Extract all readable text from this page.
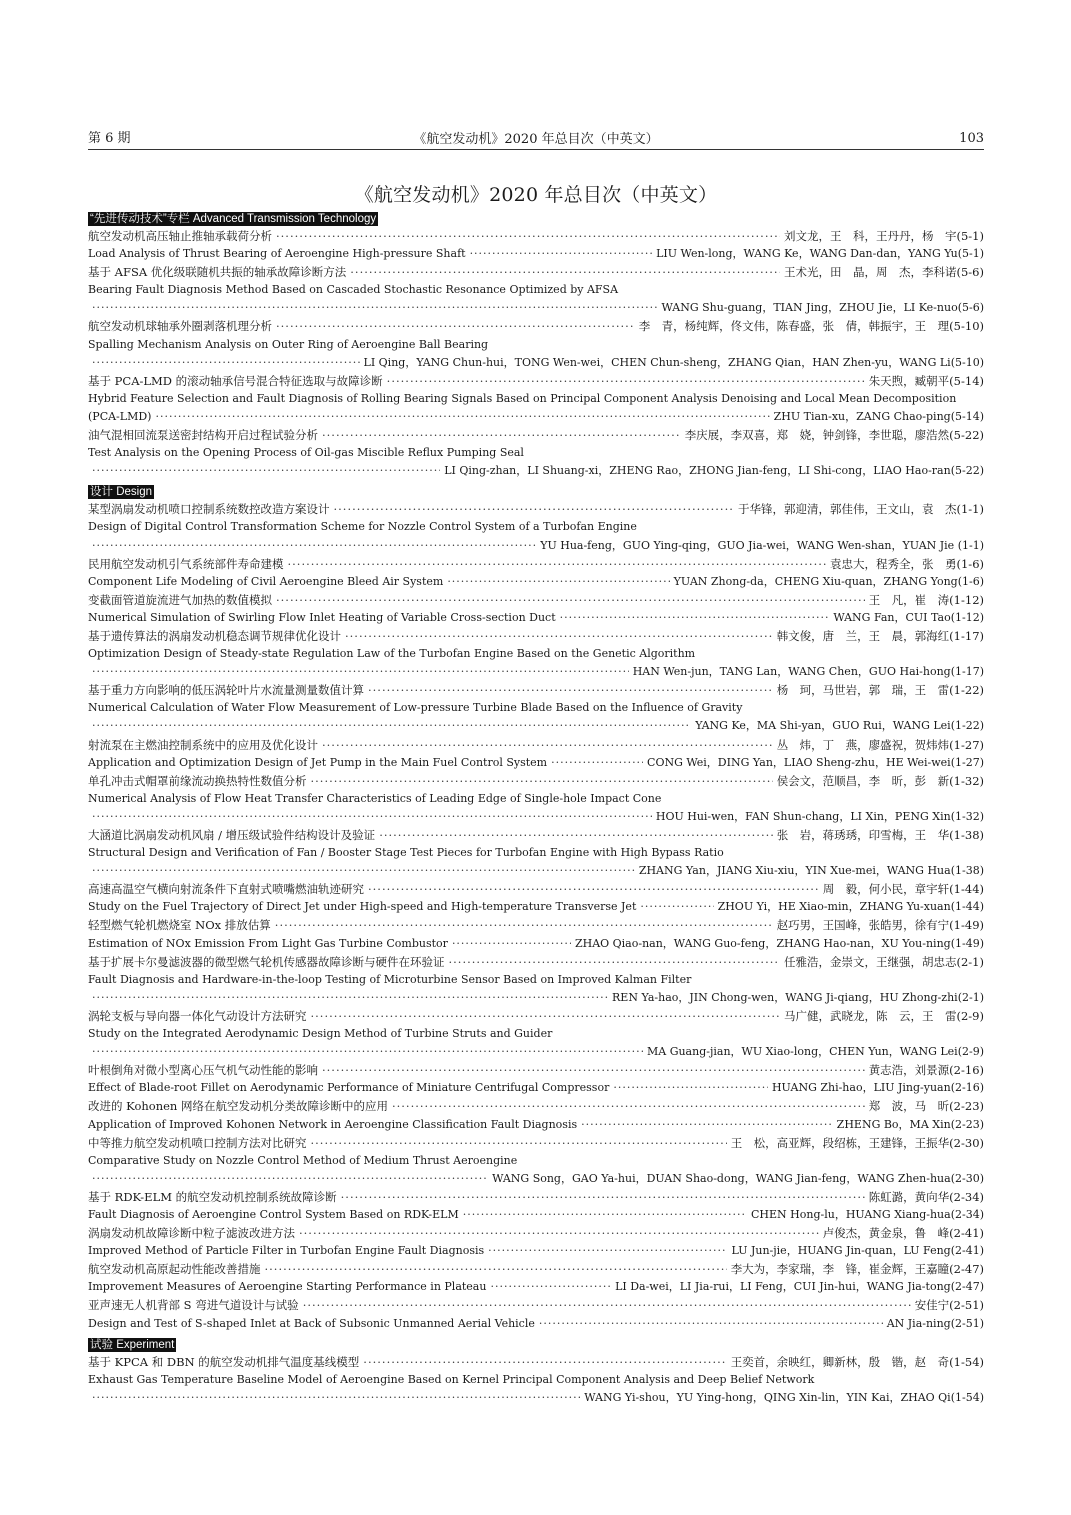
第 6 期	《航空发动机》2020 年总目次（中英文）	103
《航空发动机》2020 年总目次（中英文）
“先进传动技术”专栏 Advanced Transmission Technology
航空发动机高压轴止推轴承载荷分析 ·····	刘文龙，王　科，王丹丹，杨　宇(5-1)
Load Analysis of Thrust Bearing of Aeroengine High-pressure Shaft ·····	LIU Wen-long，WANG Ke，WANG Dan-dan，YANG Yu(5-1)
基于 AFSA 优化级联随机共振的轴承故障诊断方法 ·····	王术光，田　晶，周　杰，李科诺(5-6)
Bearing Fault Diagnosis Method Based on Cascaded Stochastic Resonance Optimized by AFSA
·····
WANG Shu-guang，TIAN Jing，ZHOU Jie，LI Ke-nuo(5-6)
航空发动机球轴承外圈剥落机理分析 ·····	李　青，杨纯辉，佟文伟，陈春盛，张　倩，韩振宇，王　理(5-10)
Spalling Mechanism Analysis on Outer Ring of Aeroengine Ball Bearing
·····
LI Qing，YANG Chun-hui，TONG Wen-wei，CHEN Chun-sheng，ZHANG Qian，HAN Zhen-yu，WANG Li(5-10)
基于 PCA-LMD 的滚动轴承信号混合特征选取与故障诊断 ·····	朱天煦，臧朝平(5-14)
Hybrid Feature Selection and Fault Diagnosis of Rolling Bearing Signals Based on Principal Component Analysis Denoising and Local Mean Decomposition
(PCA-LMD) ·····	ZHU Tian-xu，ZANG Chao-ping(5-14)
油气混相回流泵送密封结构开启过程试验分析 ·····	李庆展，李双喜，郑　娆，钟剑锋，李世聪，廖浩然(5-22)
Test Analysis on the Opening Process of Oil-gas Miscible Reflux Pumping Seal
·····
LI Qing-zhan，LI Shuang-xi，ZHENG Rao，ZHONG Jian-feng，LI Shi-cong，LIAO Hao-ran(5-22)
设计 Design
某型涡扇发动机喷口控制系统数控改造方案设计 ·····	于华锋，郭迎清，郭佳伟，王文山，袁　杰(1-1)
Design of Digital Control Transformation Scheme for Nozzle Control System of a Turbofan Engine
·····
YU Hua-feng，GUO Ying-qing，GUO Jia-wei，WANG Wen-shan，YUAN Jie (1-1)
民用航空发动机引气系统部件寿命建模 ·····	袁忠大，程秀全，张　勇(1-6)
Component Life Modeling of Civil Aeroengine Bleed Air System ·····	YUAN Zhong-da，CHENG Xiu-quan，ZHANG Yong(1-6)
变截面管道旋流进气加热的数值模拟 ·····	王　凡，崔　涛(1-12)
Numerical Simulation of Swirling Flow Inlet Heating of Variable Cross-section Duct ·····	WANG Fan，CUI Tao(1-12)
基于遗传算法的涡扇发动机稳态调节规律优化设计 ·····	韩文俊，唐　兰，王　晨，郭海红(1-17)
Optimization Design of Steady-state Regulation Law of the Turbofan Engine Based on the Genetic Algorithm
·····
HAN Wen-jun，TANG Lan，WANG Chen，GUO Hai-hong(1-17)
基于重力方向影响的低压涡轮叶片水流量测量数值计算 ·····	杨　珂，马世岩，郭　瑞，王　雷(1-22)
Numerical Calculation of Water Flow Measurement of Low-pressure Turbine Blade Based on the Influence of Gravity
·····
YANG Ke，MA Shi-yan，GUO Rui，WANG Lei(1-22)
射流泵在主燃油控制系统中的应用及优化设计 ·····	丛　炜，丁　燕，廖盛祝，贺炜炜(1-27)
Application and Optimization Design of Jet Pump in the Main Fuel Control System ·····	CONG Wei，DING Yan，LIAO Sheng-zhu，HE Wei-wei(1-27)
单孔冲击式帽罩前缘流动换热特性数值分析 ·····	侯会文，范顺昌，李　昕，彭　新(1-32)
Numerical Analysis of Flow Heat Transfer Characteristics of Leading Edge of Single-hole Impact Cone
·····
HOU Hui-wen，FAN Shun-chang，LI Xin，PENG Xin(1-32)
大涵道比涡扇发动机风扇 / 增压级试验件结构设计及验证 ·····	张　岩，蒋琇琇，印雪梅，王　华(1-38)
Structural Design and Verification of Fan / Booster Stage Test Pieces for Turbofan Engine with High Bypass Ratio
·····
ZHANG Yan，JIANG Xiu-xiu，YIN Xue-mei，WANG Hua(1-38)
高速高温空气横向射流条件下直射式喷嘴燃油轨迹研究 ·····	周　毅，何小民，章宇轩(1-44)
Study on the Fuel Trajectory of Direct Jet under High-speed and High-temperature Transverse Jet ·····	ZHOU Yi，HE Xiao-min，ZHANG Yu-xuan(1-44)
轻型燃气轮机燃烧室 NOx 排放估算 ·····	赵巧男，王国峰，张皓男，徐有宁(1-49)
Estimation of NOx Emission From Light Gas Turbine Combustor ·····	ZHAO Qiao-nan，WANG Guo-feng，ZHANG Hao-nan，XU You-ning(1-49)
基于扩展卡尔曼滤波器的微型燃气轮机传感器故障诊断与硬件在环验证 ·····	任雅浩，金崇文，王继强，胡忠志(2-1)
Fault Diagnosis and Hardware-in-the-loop Testing of Microturbine Sensor Based on Improved Kalman Filter
·····
REN Ya-hao，JIN Chong-wen，WANG Ji-qiang，HU Zhong-zhi(2-1)
涡轮支板与导向器一体化气动设计方法研究 ·····	马广健，武晓龙，陈　云，王　雷(2-9)
Study on the Integrated Aerodynamic Design Method of Turbine Struts and Guider
·····
MA Guang-jian，WU Xiao-long，CHEN Yun，WANG Lei(2-9)
叶根倒角对微小型离心压气机气动性能的影响 ·····	黄志浩，刘景源(2-16)
Effect of Blade-root Fillet on Aerodynamic Performance of Miniature Centrifugal Compressor ·····	HUANG Zhi-hao，LIU Jing-yuan(2-16)
改进的 Kohonen 网络在航空发动机分类故障诊断中的应用 ·····	郑　波，马　昕(2-23)
Application of Improved Kohonen Network in Aeroengine Classification Fault Diagnosis ·····	ZHENG Bo，MA Xin(2-23)
中等推力航空发动机喷口控制方法对比研究 ·····	王　松，高亚辉，段绍栋，王建锋，王振华(2-30)
Comparative Study on Nozzle Control Method of Medium Thrust Aeroengine
·····
WANG Song，GAO Ya-hui，DUAN Shao-dong，WANG Jian-feng，WANG Zhen-hua(2-30)
基于 RDK-ELM 的航空发动机控制系统故障诊断 ·····	陈虹潞，黄向华(2-34)
Fault Diagnosis of Aeroengine Control System Based on RDK-ELM ·····	CHEN Hong-lu，HUANG Xiang-hua(2-34)
涡扇发动机故障诊断中粒子滤波改进方法 ·····	卢俊杰，黄金泉，鲁　峰(2-41)
Improved Method of Particle Filter in Turbofan Engine Fault Diagnosis ·····	LU Jun-jie，HUANG Jin-quan，LU Feng(2-41)
航空发动机高原起动性能改善措施 ·····	李大为，李家瑞，李　锋，崔金辉，王嘉瞳(2-47)
Improvement Measures of Aeroengine Starting Performance in Plateau ·····	LI Da-wei，LI Jia-rui，LI Feng，CUI Jin-hui，WANG Jia-tong(2-47)
亚声速无人机背部 S 弯进气道设计与试验 ·····	安佳宁(2-51)
Design and Test of S-shaped Inlet at Back of Subsonic Unmanned Aerial Vehicle ·····	AN Jia-ning(2-51)
试验 Experiment
基于 KPCA 和 DBN 的航空发动机排气温度基线模型 ·····	王奕首，余映红，卿新林，殷　锴，赵　奇(1-54)
Exhaust Gas Temperature Baseline Model of Aeroengine Based on Kernel Principal Component Analysis and Deep Belief Network
·····
WANG Yi-shou，YU Ying-hong，QING Xin-lin，YIN Kai，ZHAO Qi(1-54)
